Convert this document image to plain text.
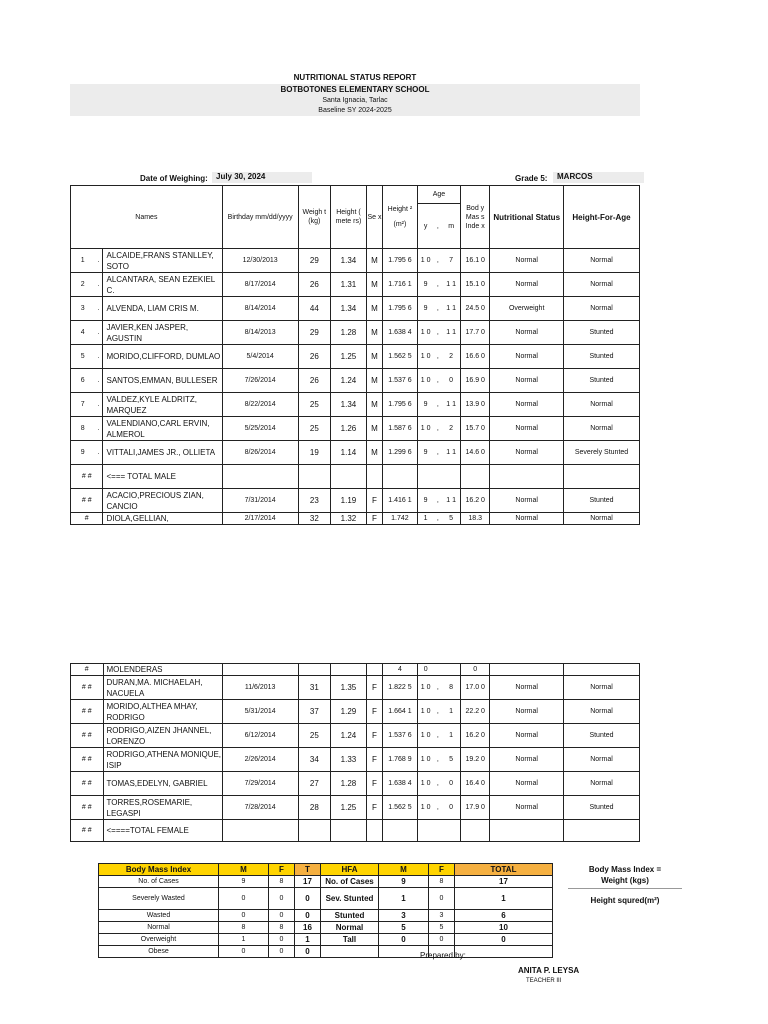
NUTRITIONAL STATUS REPORT
BOTBOTONES ELEMENTARY SCHOOL
Santa Ignacia, Tarlac
Baseline SY 2024-2025
Date of Weighing:	July 30, 2024	Grade 5:	MARCOS
Names			Birthday mm/dd/yyyy	Weigh t (kg)	Height ( mete rs)	Se x	Height ²
(m²)	Age			Bod y Mas s Inde x	Nutritional Status	Height-For-Age
								y	,	m			
1	.	ALCAIDE,FRANS STANLLEY, SOTO	12/30/2013	29	1.34	M	1.795 6	1 0	,	7	16.1 0	Normal	Normal
2	.	ALCANTARA, SEAN EZEKIEL C.	8/17/2014	26	1.31	M	1.716 1	9	,	1 1	15.1 0	Normal	Normal
3	.	ALVENDA, LIAM CRIS M.	8/14/2014	44	1.34	M	1.795 6	9	,	1 1	24.5 0	Overweight	Normal
4	.	JAVIER,KEN JASPER, AGUSTIN	8/14/2013	29	1.28	M	1.638 4	1 0	,	1 1	17.7 0	Normal	Stunted
5	.	MORIDO,CLIFFORD, DUMLAO	5/4/2014	26	1.25	M	1.562 5	1 0	,	2	16.6 0	Normal	Stunted
6	.	SANTOS,EMMAN, BULLESER	7/26/2014	26	1.24	M	1.537 6	1 0	,	0	16.9 0	Normal	Stunted
7	.	VALDEZ,KYLE ALDRITZ, MARQUEZ	8/22/2014	25	1.34	M	1.795 6	9	,	1 1	13.9 0	Normal	Normal
8	.	VALENDIANO,CARL ERVIN, ALMEROL	5/25/2014	25	1.26	M	1.587 6	1 0	,	2	15.7 0	Normal	Normal
9	.	VITTALI,JAMES JR., OLLIETA	8/26/2014	19	1.14	M	1.299 6	9	,	1 1	14.6 0	Normal	Severely Stunted
# #		<=== TOTAL MALE											
# #		ACACIO,PRECIOUS ZIAN, CANCIO	7/31/2014	23	1.19	F	1.416 1	9	,	1 1	16.2 0	Normal	Stunted
#		DIOLA,GELLIAN,	2/17/2014	32	1.32	F	1.742	1	,	5	18.3	Normal	Normal
#	MOLENDERAS					4	0			0		
# #	DURAN,MA. MICHAELAH, NACUELA	11/6/2013	31	1.35	F	1.822 5	1 0	,	8	17.0 0	Normal	Normal
# #	MORIDO,ALTHEA MHAY, RODRIGO	5/31/2014	37	1.29	F	1.664 1	1 0	,	1	22.2 0	Normal	Normal
# #	RODRIGO,AIZEN JHANNEL, LORENZO	6/12/2014	25	1.24	F	1.537 6	1 0	,	1	16.2 0	Normal	Stunted
# #	RODRIGO,ATHENA MONIQUE, ISIP	2/26/2014	34	1.33	F	1.768 9	1 0	,	5	19.2 0	Normal	Normal
# #	TOMAS,EDELYN, GABRIEL	7/29/2014	27	1.28	F	1.638 4	1 0	,	0	16.4 0	Normal	Normal
# #	TORRES,ROSEMARIE, LEGASPI	7/28/2014	28	1.25	F	1.562 5	1 0	,	0	17.9 0	Normal	Stunted
# #	<====TOTAL FEMALE											
Body Mass Index	M	F	T	HFA	M	F	TOTAL
No. of Cases	9	8	17	No. of Cases	9	8	17
Severely Wasted	0	0	0	Sev. Stunted	1	0	1
Wasted	0	0	0	Stunted	3	3	6
Normal	8	8	16	Normal	5	5	10
Overweight	1	0	1	Tall	0	0	0
Obese	0	0	0				
Body Mass Index =
Weight (kgs)
Height squred(m²)
Prepared by:
ANITA P. LEYSA
TEACHER III
